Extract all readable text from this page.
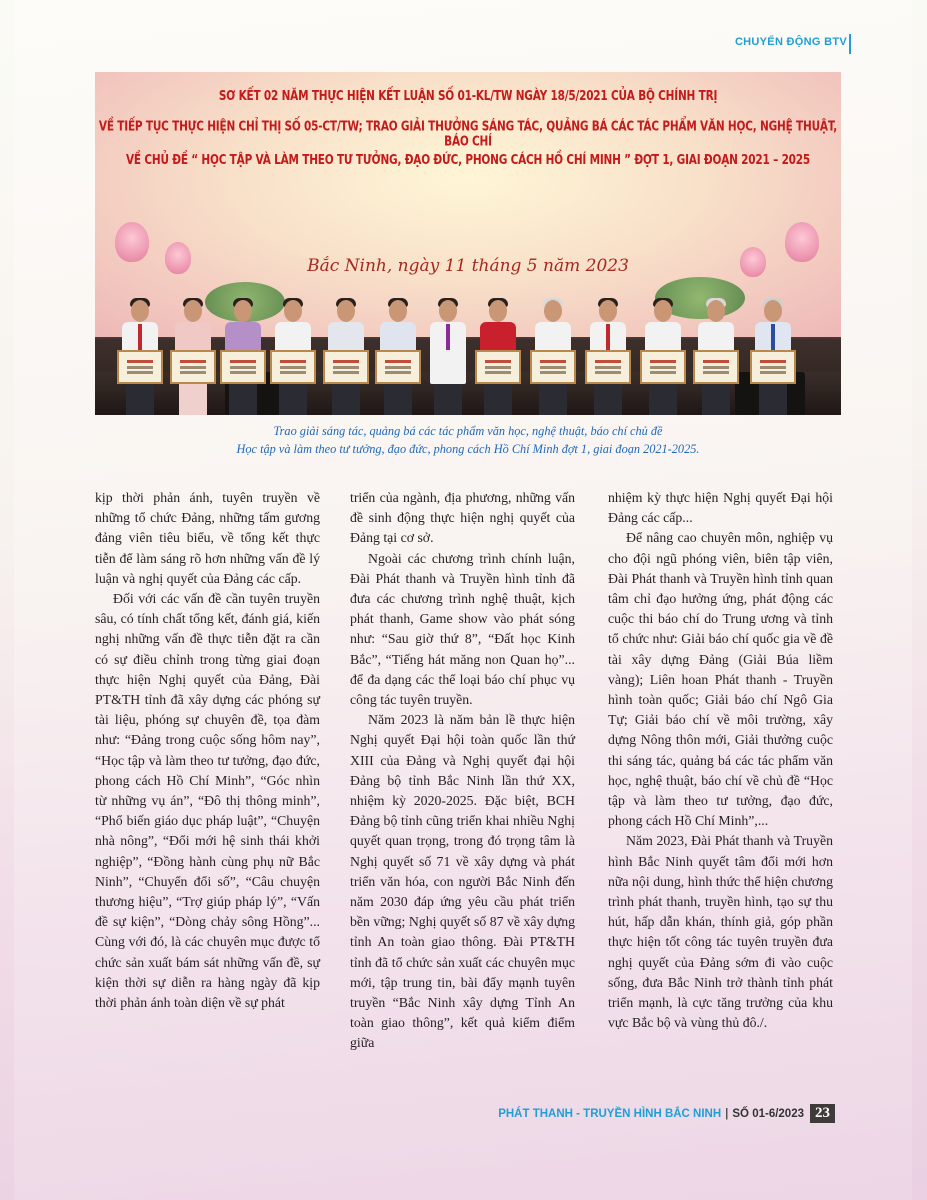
CHUYỂN ĐỘNG BTV
SƠ KẾT 02 NĂM THỰC HIỆN KẾT LUẬN SỐ 01-KL/TW NGÀY 18/5/2021 CỦA BỘ CHÍNH TRỊ
VỀ TIẾP TỤC THỰC HIỆN CHỈ THỊ SỐ 05-CT/TW; TRAO GIẢI THƯỞNG SÁNG TÁC, QUẢNG BÁ CÁC TÁC PHẨM VĂN HỌC, NGHỆ THUẬT, BÁO CHÍ
VỀ CHỦ ĐỀ “ HỌC TẬP VÀ LÀM THEO TƯ TƯỞNG, ĐẠO ĐỨC, PHONG CÁCH HỒ CHÍ MINH ” ĐỢT 1, GIAI ĐOẠN 2021 – 2025
Bắc Ninh, ngày 11 tháng 5 năm 2023
Trao giải sáng tác, quảng bá các tác phẩm văn học, nghệ thuật, báo chí chủ đề
Học tập và làm theo tư tưởng, đạo đức, phong cách Hồ Chí Minh đợt 1, giai đoạn 2021-2025.

kịp thời phản ánh, tuyên truyền về những tổ chức Đảng, những tấm gương đảng viên tiêu biểu, về tổng kết thực tiễn để làm sáng rõ hơn những vấn đề lý luận và nghị quyết của Đảng các cấp.

Đối với các vấn đề cần tuyên truyền sâu, có tính chất tổng kết, đánh giá, kiến nghị những vấn đề thực tiễn đặt ra cần có sự điều chỉnh trong từng giai đoạn thực hiện Nghị quyết của Đảng, Đài PT&TH tỉnh đã xây dựng các phóng sự tài liệu, phóng sự chuyên đề, tọa đàm như: “Đảng trong cuộc sống hôm nay”, “Học tập và làm theo tư tưởng, đạo đức, phong cách Hồ Chí Minh”, “Góc nhìn từ những vụ án”, “Đô thị thông minh”, “Phổ biến giáo dục pháp luật”, “Chuyện nhà nông”, “Đổi mới hệ sinh thái khởi nghiệp”, “Đồng hành cùng phụ nữ Bắc Ninh”, “Chuyển đổi số”, “Câu chuyện thương hiệu”, “Trợ giúp pháp lý”, “Vấn đề sự kiện”, “Dòng chảy sông Hồng”... Cùng với đó, là các chuyên mục được tổ chức sản xuất bám sát những vấn đề, sự kiện thời sự diễn ra hàng ngày đã kịp thời phản ánh toàn diện về sự phát

triển của ngành, địa phương, những vấn đề sinh động thực hiện nghị quyết của Đảng tại cơ sở.

Ngoài các chương trình chính luận, Đài Phát thanh và Truyền hình tỉnh đã đưa các chương trình nghệ thuật, kịch phát thanh, Game show vào phát sóng như: “Sau giờ thứ 8”, “Đất học Kinh Bắc”, “Tiếng hát măng non Quan họ”... để đa dạng các thể loại báo chí phục vụ công tác tuyên truyền.

Năm 2023 là năm bản lề thực hiện Nghị quyết Đại hội toàn quốc lần thứ XIII của Đảng và Nghị quyết đại hội Đảng bộ tỉnh Bắc Ninh lần thứ XX, nhiệm kỳ 2020-2025. Đặc biệt, BCH Đảng bộ tỉnh cũng triển khai nhiều Nghị quyết quan trọng, trong đó trọng tâm là Nghị quyết số 71 về xây dựng và phát triển văn hóa, con người Bắc Ninh đến năm 2030 đáp ứng yêu cầu phát triển bền vững; Nghị quyết số 87 về xây dựng tỉnh An toàn giao thông. Đài PT&TH tỉnh đã tổ chức sản xuất các chuyên mục mới, tập trung tin, bài đẩy mạnh tuyên truyền “Bắc Ninh xây dựng Tỉnh An toàn giao thông”, kết quả kiểm điểm giữa

nhiệm kỳ thực hiện Nghị quyết Đại hội Đảng các cấp...

Để nâng cao chuyên môn, nghiệp vụ cho đội ngũ phóng viên, biên tập viên, Đài Phát thanh và Truyền hình tỉnh quan tâm chỉ đạo hưởng ứng, phát động các cuộc thi báo chí do Trung ương và tỉnh tổ chức như: Giải báo chí quốc gia về đề tài xây dựng Đảng (Giải Búa liềm vàng); Liên hoan Phát thanh - Truyền hình toàn quốc; Giải báo chí Ngô Gia Tự; Giải báo chí về môi trường, xây dựng Nông thôn mới, Giải thưởng cuộc thi sáng tác, quảng bá các tác phẩm văn học, nghệ thuật, báo chí về chủ đề “Học tập và làm theo tư tưởng, đạo đức, phong cách Hồ Chí Minh”,...

Năm 2023, Đài Phát thanh và Truyền hình Bắc Ninh quyết tâm đổi mới hơn nữa nội dung, hình thức thể hiện chương trình phát thanh, truyền hình, tạo sự thu hút, hấp dẫn khán, thính giả, góp phần thực hiện tốt công tác tuyên truyền đưa nghị quyết của Đảng sớm đi vào cuộc sống, đưa Bắc Ninh trở thành tỉnh phát triển mạnh, là cực tăng trưởng của khu vực Bắc bộ và vùng thủ đô./.

PHÁT THANH - TRUYỀN HÌNH BẮC NINH | SỐ 01-6/2023 23
